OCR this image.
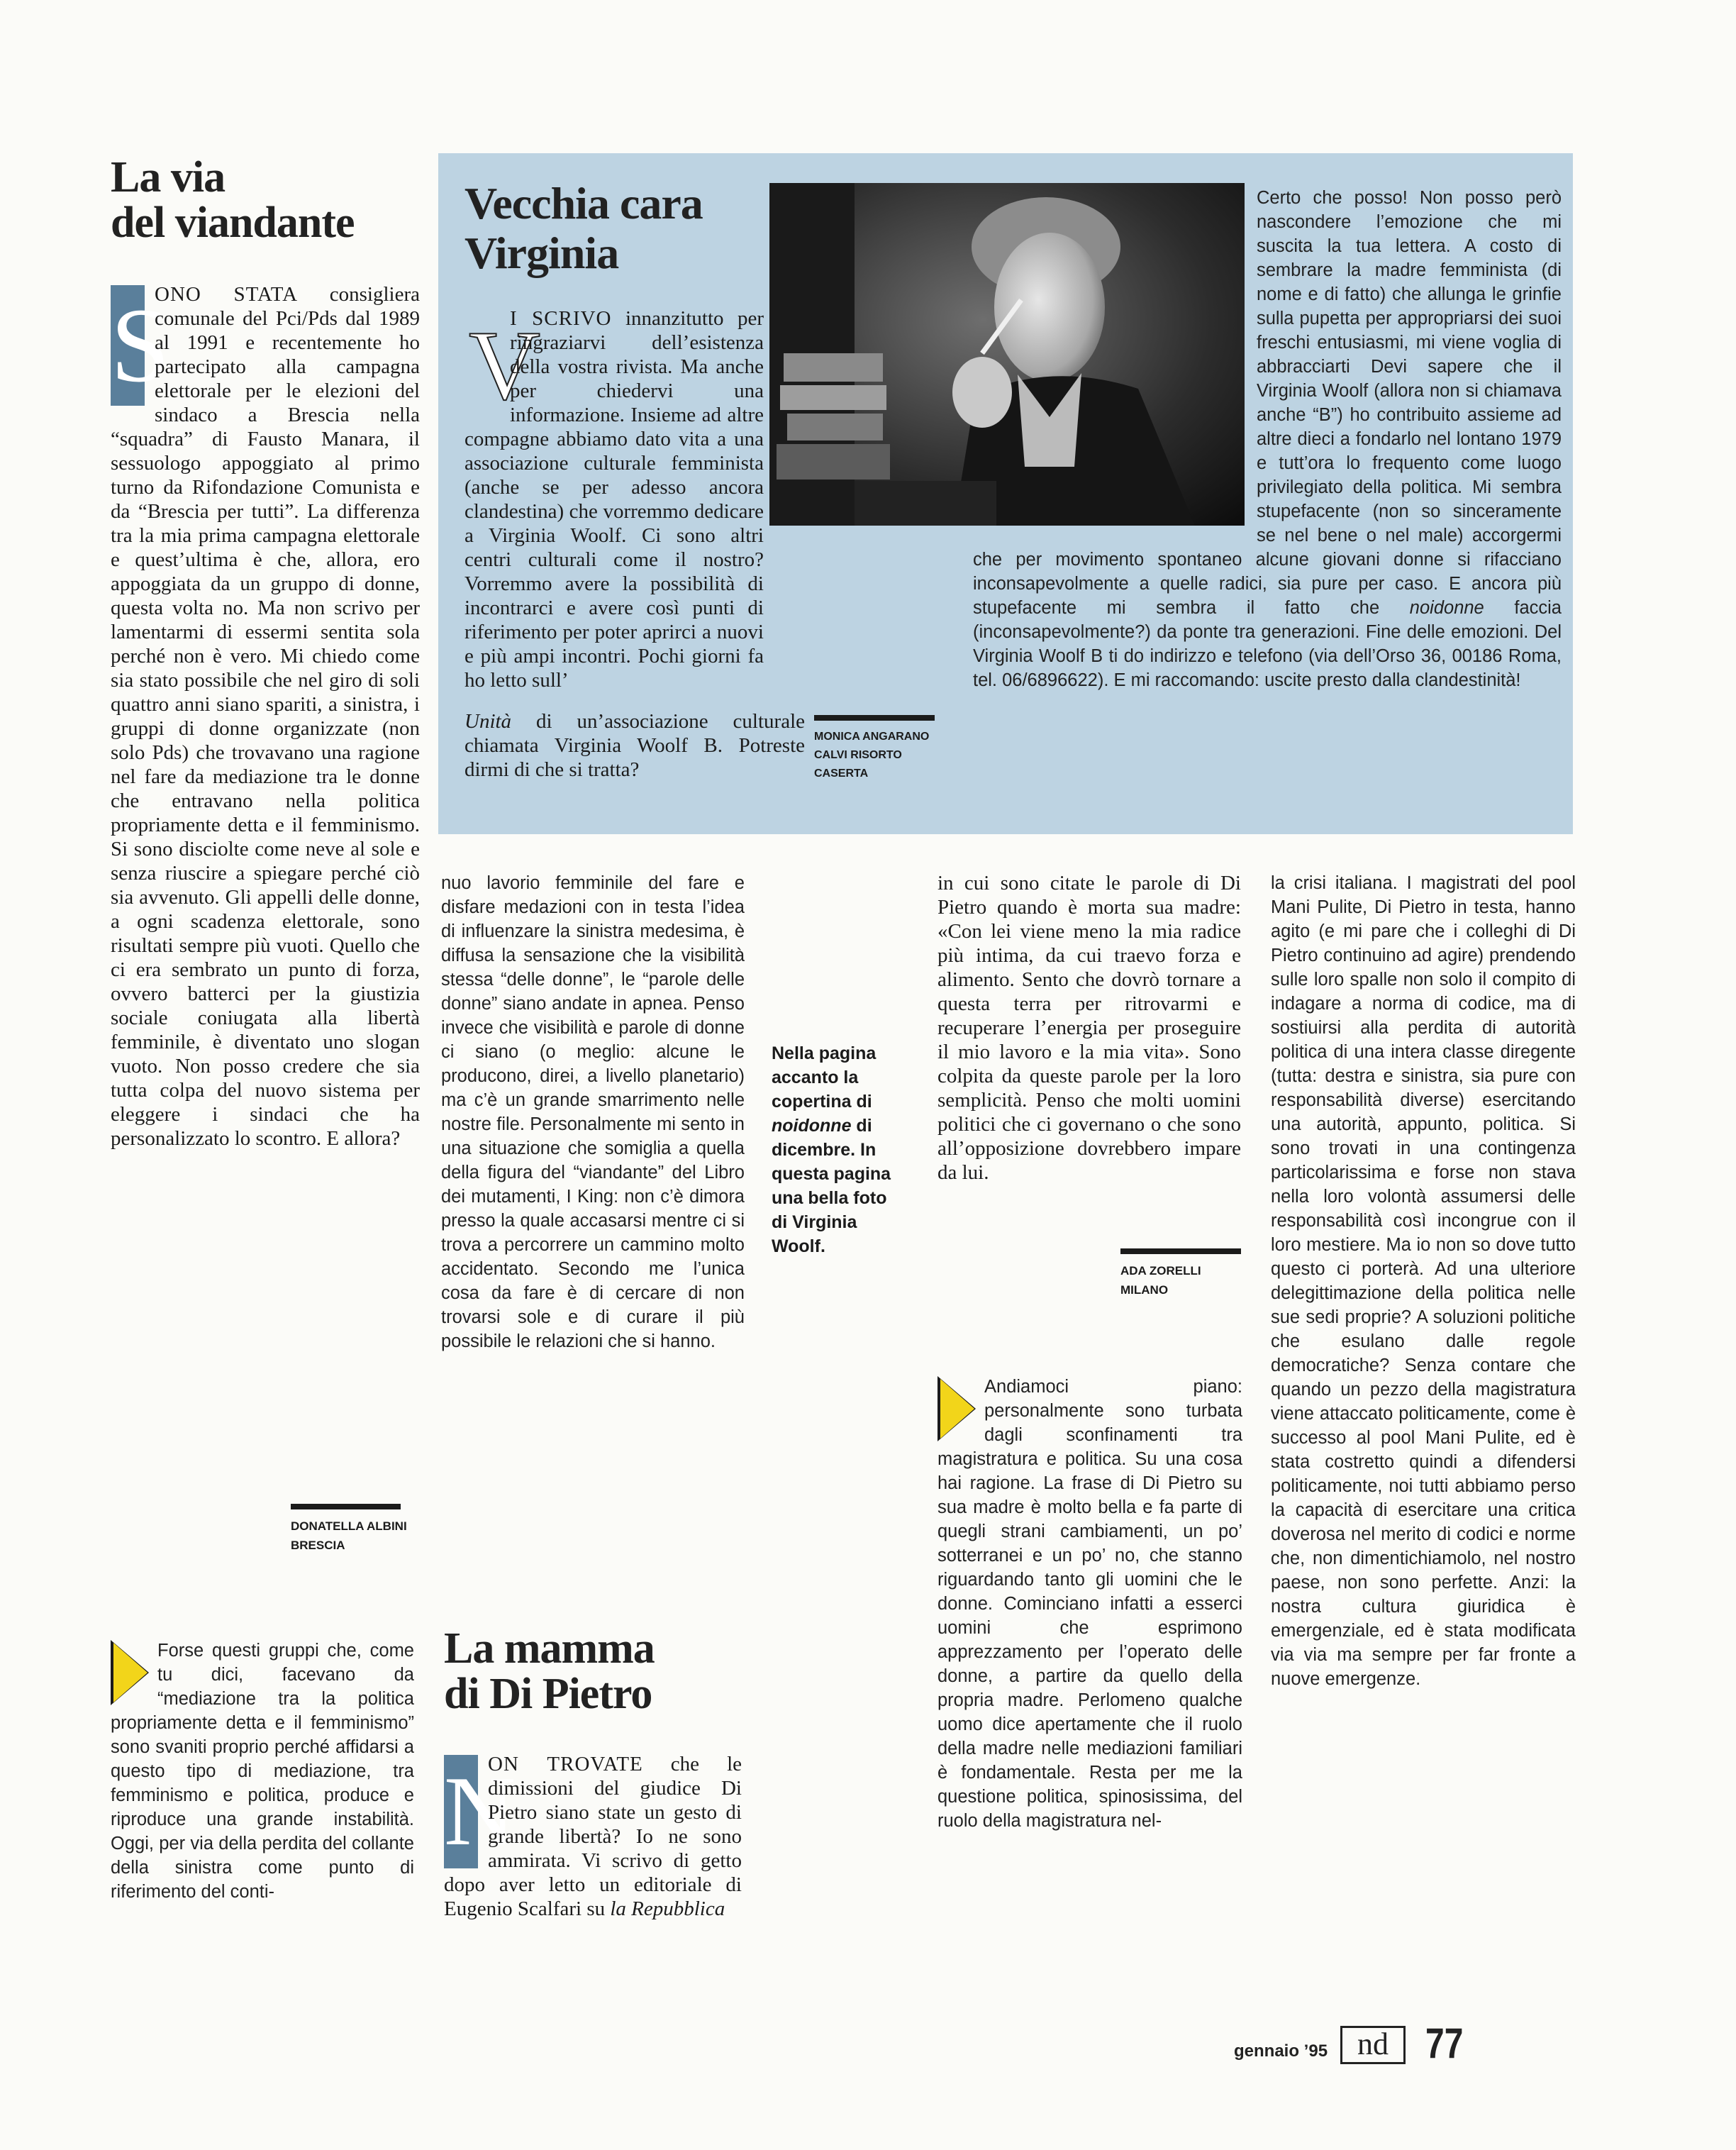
La via
del viandante
S
ONO STATA consigliera comunale del Pci/Pds dal 1989 al 1991 e recentemente ho partecipato alla campagna elettorale per le elezioni del sindaco a Brescia nella “squadra” di Fausto Manara, il sessuologo appoggiato al primo turno da Rifondazione Comunista e da “Brescia per tutti”. La differenza tra la mia prima campagna elettorale e quest’ultima è che, allora, ero appoggiata da un gruppo di donne, questa volta no. Ma non scrivo per lamentarmi di essermi sentita sola perché non è vero. Mi chiedo come sia stato possibile che nel giro di soli quattro anni siano spariti, a sinistra, i gruppi di donne organizzate (non solo Pds) che trovavano una ragione nel fare da mediazione tra le donne che entravano nella politica propriamente detta e il femminismo. Si sono disciolte come neve al sole e senza riuscire a spiegare perché ciò sia avvenuto. Gli appelli delle donne, a ogni scadenza elettorale, sono risultati sempre più vuoti. Quello che ci era sembrato un punto di forza, ovvero batterci per la giustizia sociale coniugata alla libertà femminile, è diventato uno slogan vuoto. Non posso credere che sia tutta colpa del nuovo sistema per eleggere i sindaci che ha personalizzato lo scontro. E allora?
DONATELLA ALBINI
BRESCIA
Forse questi gruppi che, come tu dici, facevano da “mediazione tra la politica propriamente detta e il femminismo” sono svaniti proprio perché affidarsi a questo tipo di mediazione, tra femminismo e politica, produce e riproduce una grande instabilità. Oggi, per via della perdita del collante della sinistra come punto di riferimento del conti-
nuo lavorio femminile del fare e disfare medazioni con in testa l’idea di influenzare la sinistra medesima, è diffusa la sensazione che la visibilità stessa “delle donne”, le “parole delle donne” siano andate in apnea. Penso invece che visibilità e parole di donne ci siano (o meglio: alcune le producono, direi, a livello planetario) ma c’è un grande smarrimento nelle nostre file. Personalmente mi sento in una situazione che somiglia a quella della figura del “viandante” del Libro dei mutamenti, I King: non c’è dimora presso la quale accasarsi mentre ci si trova a percorrere un cammino molto accidentato. Secondo me l’unica cosa da fare è di cercare di non trovarsi sole e di curare il più possibile le relazioni che si hanno.
Vecchia cara
Virginia
V
I SCRIVO innanzitutto per ringraziarvi dell’esistenza della vostra rivista. Ma anche per chiedervi una informazione. Insieme ad altre compagne abbiamo dato vita a una associazione culturale femminista (anche se per adesso ancora clandestina) che vorremmo dedicare a Virginia Woolf. Ci sono altri centri culturali come il nostro? Vorremmo avere la possibilità di incontrarci e avere così punti di riferimento per poter aprirci a nuovi e più ampi incontri. Pochi giorni fa ho letto sull’
Unità di un’associazione culturale chiamata Virginia Woolf B. Potreste dirmi di che si tratta?
MONICA ANGARANO
CALVI RISORTO
CASERTA
Certo che posso! Non posso però nascondere l’emozione che mi suscita la tua lettera. A costo di sembrare la madre femminista (di nome e di fatto) che allunga le grinfie sulla pupetta per appropriarsi dei suoi freschi entusiasmi, mi viene voglia di abbracciarti Devi sapere che il Virginia Woolf (allora non si chiamava anche “B”) ho contribuito assieme ad altre dieci a fondarlo nel lontano 1979 e tutt’ora lo frequento come luogo privilegiato della politica. Mi sembra stupefacente (non so sinceramente se nel bene o nel male) accorgermi che per movimento spontaneo alcune giovani donne si rifacciano inconsapevolmente a quelle radici, sia pure per caso. E ancora più stupefacente mi sembra il fatto che noidonne faccia (inconsapevolmente?) da ponte tra generazioni. Fine delle emozioni. Del Virginia Woolf B ti do indirizzo e telefono (via dell’Orso 36, 00186 Roma, tel. 06/6896622). E mi raccomando: uscite presto dalla clandestinità!
Nella pagina accanto la copertina di noidonne di dicembre. In questa pagina una bella foto di Virginia Woolf.
La mamma
di Di Pietro
N
ON TROVATE che le dimissioni del giudice Di Pietro siano state un gesto di grande libertà? Io ne sono ammirata. Vi scrivo di getto dopo aver letto un editoriale di Eugenio Scalfari su la Repubblica
in cui sono citate le parole di Di Pietro quando è morta sua madre: «Con lei viene meno la mia radice più intima, da cui traevo forza e alimento. Sento che dovrò tornare a questa terra per ritrovarmi e recuperare l’energia per proseguire il mio lavoro e la mia vita». Sono colpita da queste parole per la loro semplicità. Penso che molti uomini politici che ci governano o che sono all’opposizione dovrebbero impare da lui.
ADA ZORELLI
MILANO
Andiamoci piano: personalmente sono turbata dagli sconfinamenti tra magistratura e politica. Su una cosa hai ragione. La frase di Di Pietro su sua madre è molto bella e fa parte di quegli strani cambiamenti, un po’ sotterranei e un po’ no, che stanno riguardando tanto gli uomini che le donne. Cominciano infatti a esserci uomini che esprimono apprezzamento per l’operato delle donne, a partire da quello della propria madre. Perlomeno qualche uomo dice apertamente che il ruolo della madre nelle mediazioni familiari è fondamentale. Resta per me la questione politica, spinosissima, del ruolo della magistratura nel-
la crisi italiana. I magistrati del pool Mani Pulite, Di Pietro in testa, hanno agito (e mi pare che i colleghi di Di Pietro continuino ad agire) prendendo sulle loro spalle non solo il compito di indagare a norma di codice, ma di sostiuirsi alla perdita di autorità politica di una intera classe diregente (tutta: destra e sinistra, sia pure con responsabilità diverse) esercitando una autorità, appunto, politica. Si sono trovati in una contingenza particolarissima e forse non stava nella loro volontà assumersi delle responsabilità così incongrue con il loro mestiere. Ma io non so dove tutto questo ci porterà. Ad una ulteriore delegittimazione della politica nelle sue sedi proprie? A soluzioni politiche che esulano dalle regole democratiche? Senza contare che quando un pezzo della magistratura viene attaccato politicamente, come è successo al pool Mani Pulite, ed è stata costretto quindi a difendersi politicamente, noi tutti abbiamo perso la capacità di esercitare una critica doverosa nel merito di codici e norme che, non dimentichiamolo, nel nostro paese, non sono perfette. Anzi: la nostra cultura giuridica è emergenziale, ed è stata modificata via via ma sempre per far fronte a nuove emergenze.
gennaio ’95 nd 77
